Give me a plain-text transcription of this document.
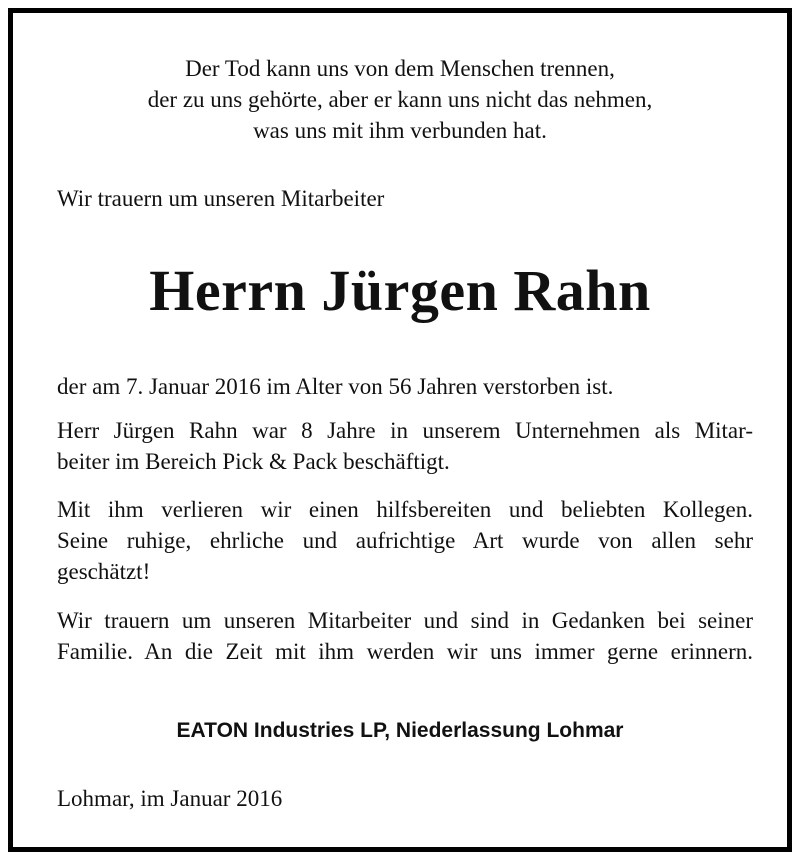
Der Tod kann uns von dem Menschen trennen,
der zu uns gehörte, aber er kann uns nicht das nehmen,
was uns mit ihm verbunden hat.
Wir trauern um unseren Mitarbeiter
Herrn Jürgen Rahn
der am 7. Januar 2016 im Alter von 56 Jahren verstorben ist.
Herr Jürgen Rahn war 8 Jahre in unserem Unternehmen als Mitar-
beiter im Bereich Pick & Pack beschäftigt.
Mit ihm verlieren wir einen hilfsbereiten und beliebten Kollegen.
Seine ruhige, ehrliche und aufrichtige Art wurde von allen sehr
geschätzt!
Wir trauern um unseren Mitarbeiter und sind in Gedanken bei seiner
Familie. An die Zeit mit ihm werden wir uns immer gerne erinnern.
EATON Industries LP, Niederlassung Lohmar
Lohmar, im Januar 2016
